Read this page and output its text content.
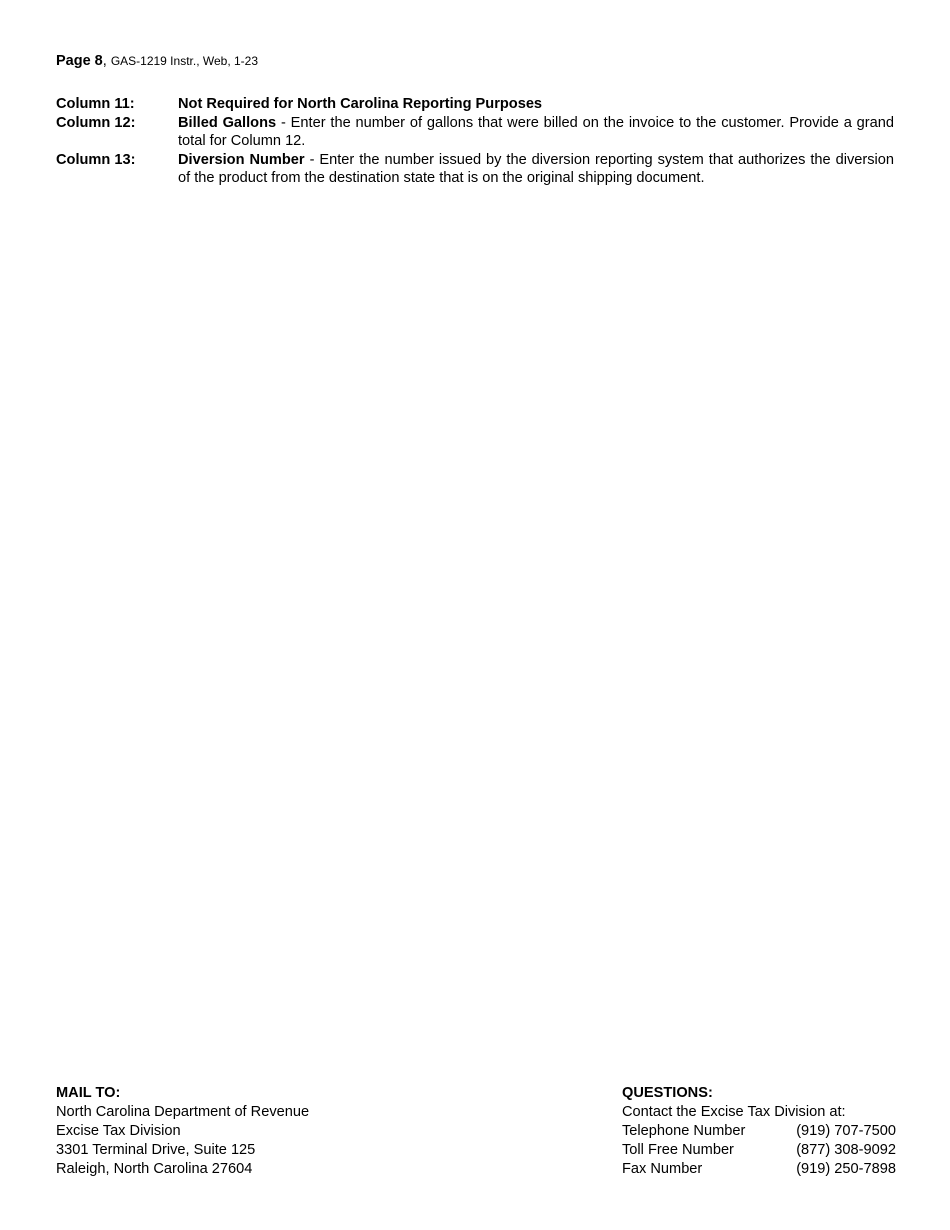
Page 8, GAS-1219 Instr., Web, 1-23
Column 11:	Not Required for North Carolina Reporting Purposes
Column 12:	Billed Gallons - Enter the number of gallons that were billed on the invoice to the customer. Provide a grand total for Column 12.
Column 13:	Diversion Number - Enter the number issued by the diversion reporting system that authorizes the diversion of the product from the destination state that is on the original shipping document.
MAIL TO:
North Carolina Department of Revenue
Excise Tax Division
3301 Terminal Drive, Suite 125
Raleigh, North Carolina 27604
QUESTIONS:
Contact the Excise Tax Division at:
Telephone Number	(919) 707-7500
Toll Free Number	(877) 308-9092
Fax Number	(919) 250-7898
